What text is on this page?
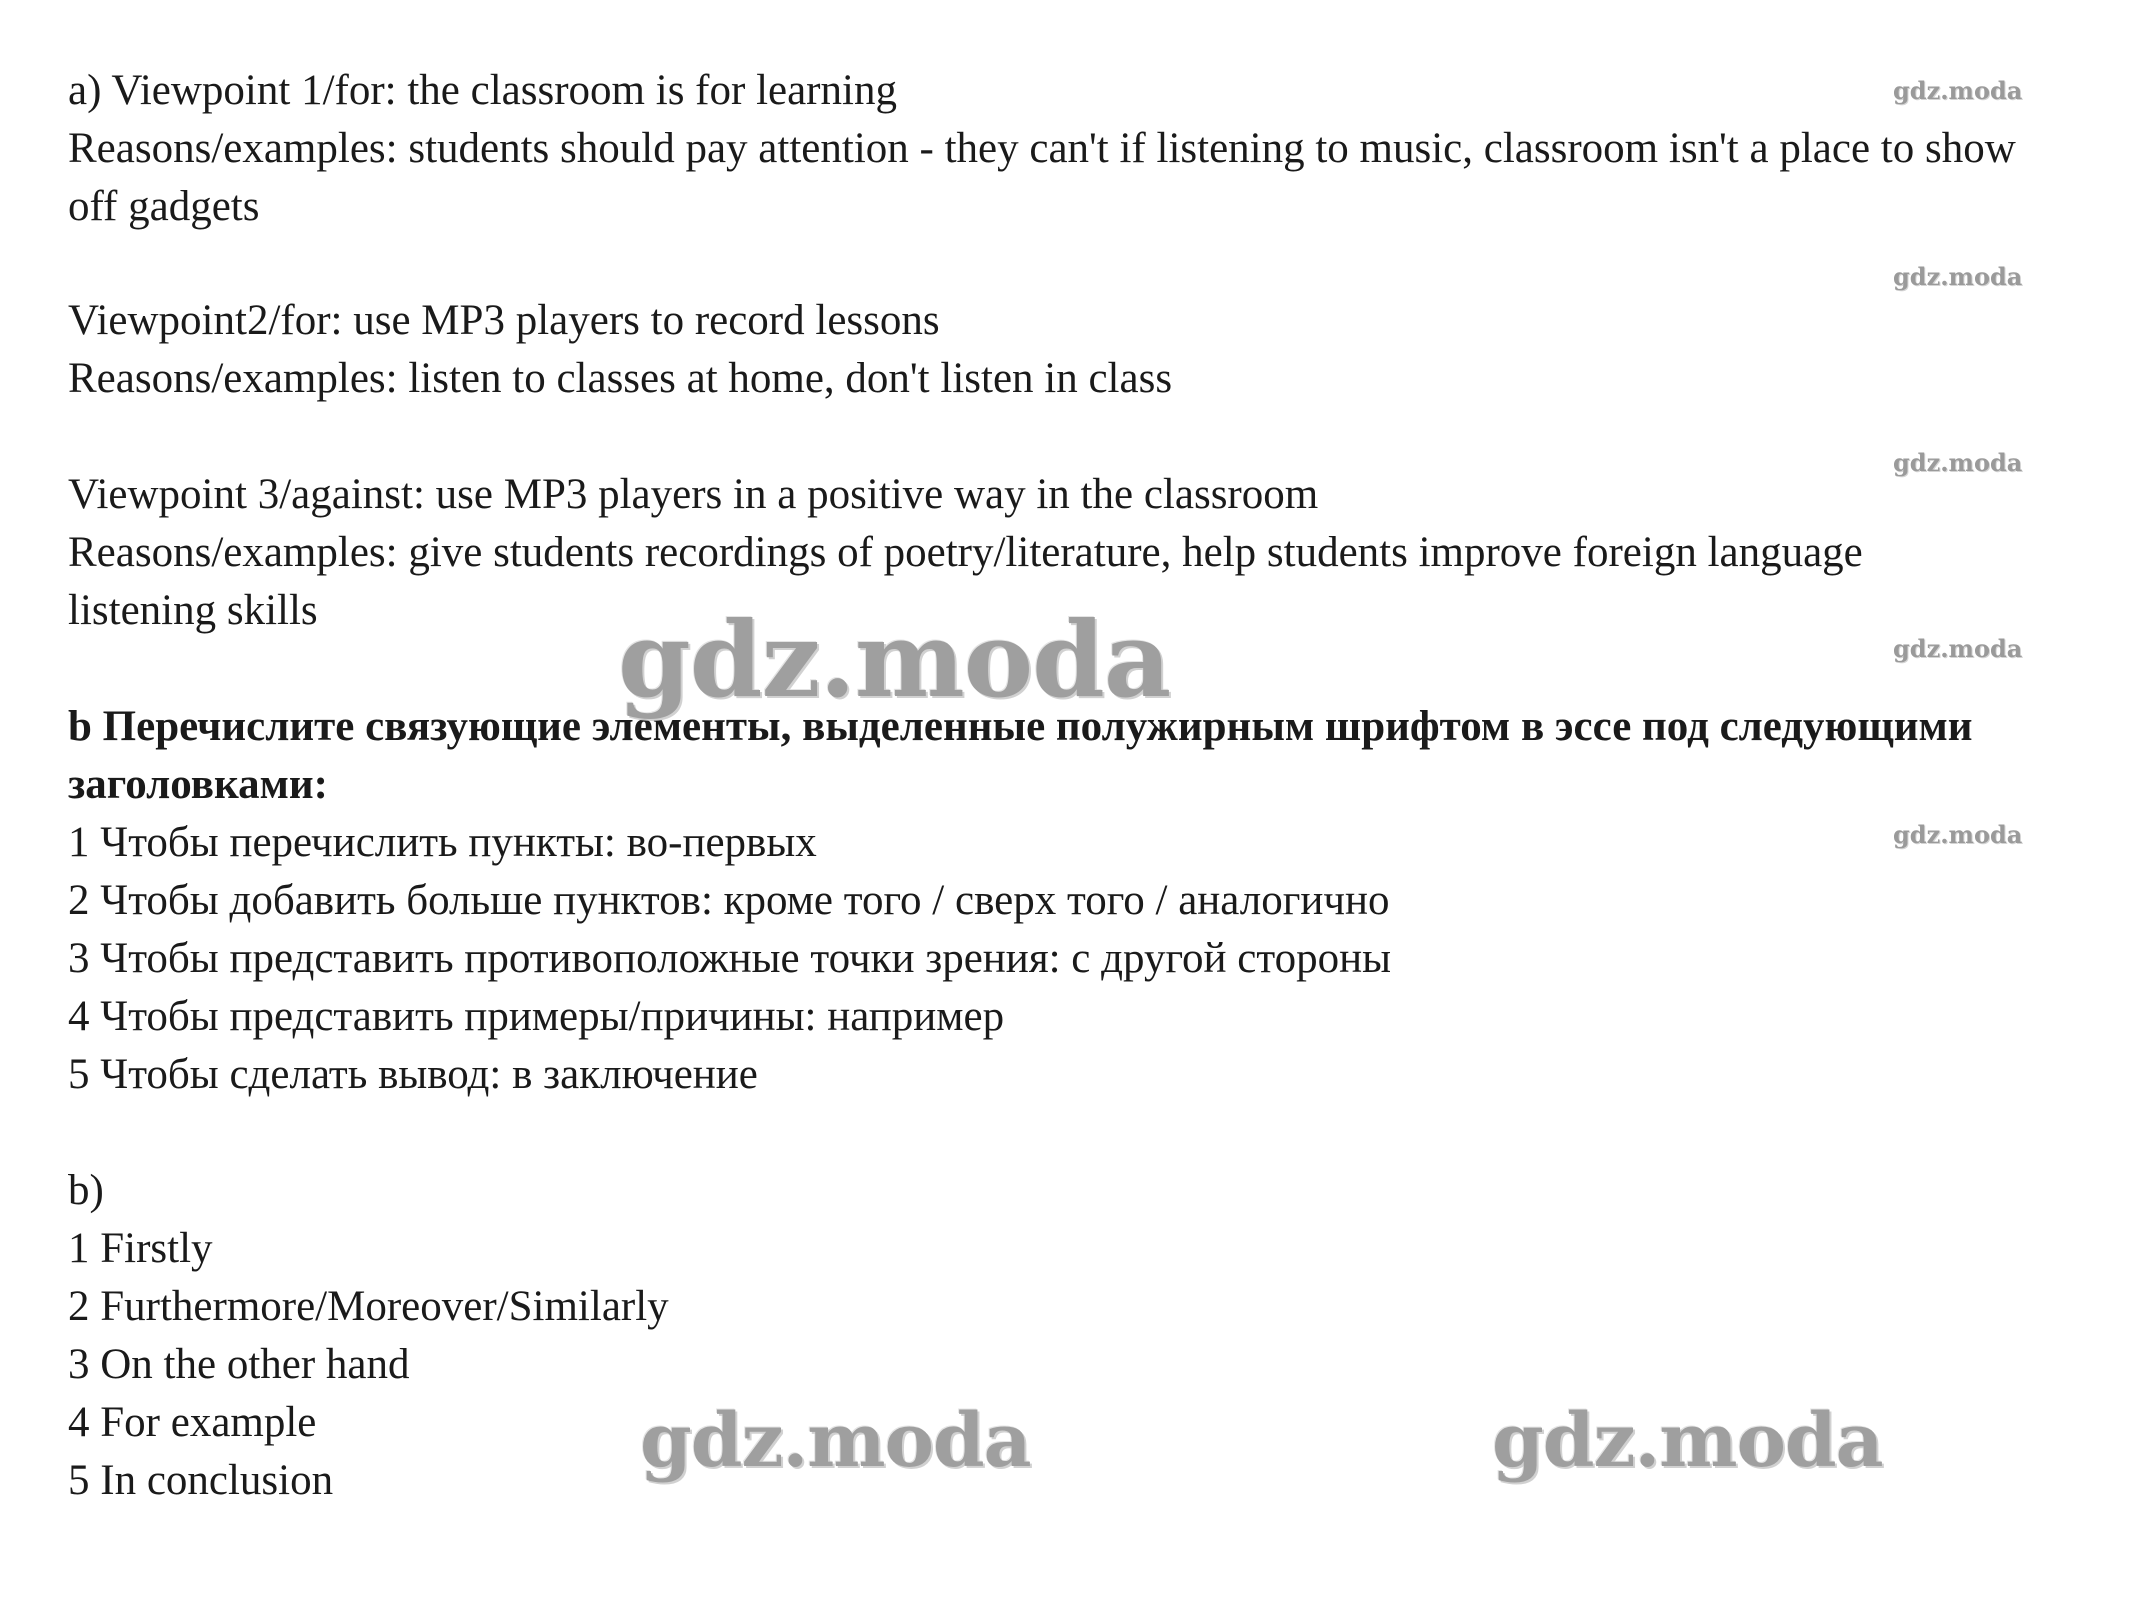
a) Viewpoint 1/for: the classroom is for learning
Reasons/examples: students should pay attention - they can't if listening to music, classroom isn't a place to show off gadgets
Viewpoint2/for: use MP3 players to record lessons
Reasons/examples: listen to classes at home, don't listen in class
Viewpoint 3/against: use MP3 players in a positive way in the classroom
Reasons/examples: give students recordings of poetry/literature, help students improve foreign language listening skills
b Перечислите связующие элементы, выделенные полужирным шрифтом в эссе под следующими заголовками:
1 Чтобы перечислить пункты: во-первых
2 Чтобы добавить больше пунктов: кроме того / сверх того / аналогично
3 Чтобы представить противоположные точки зрения: с другой стороны
4 Чтобы представить примеры/причины: например
5 Чтобы сделать вывод: в заключение
b)
1 Firstly
2 Furthermore/Moreover/Similarly
3 On the other hand
4 For example
5 In conclusion
gdz.moda
gdz.moda
gdz.moda
gdz.moda
gdz.moda
gdz.moda
gdz.moda	gdz.moda
